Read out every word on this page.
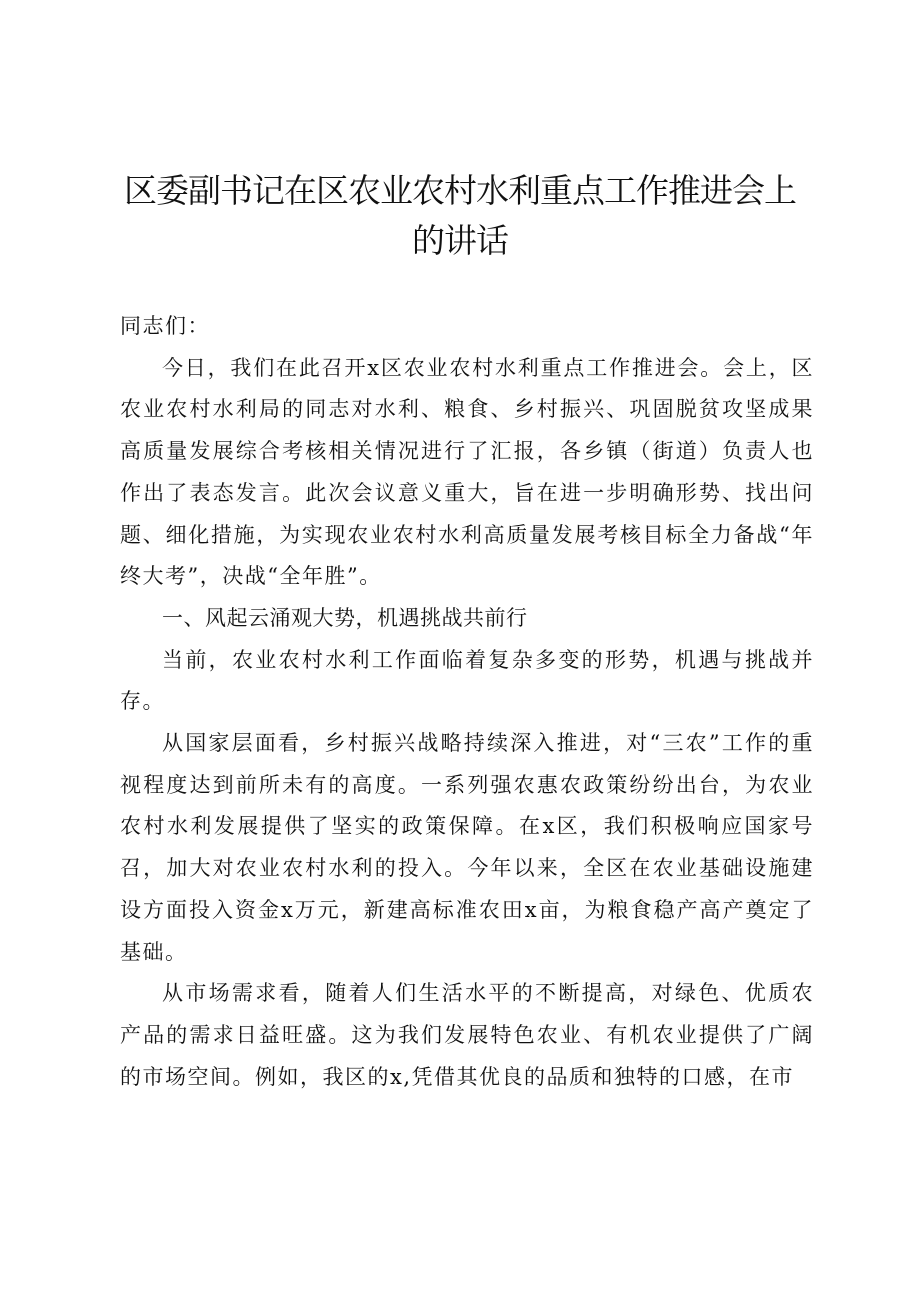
区委副书记在区农业农村水利重点工作推进会上的讲话

同志们：

今日，我们在此召开x区农业农村水利重点工作推进会。会上，区农业农村水利局的同志对水利、粮食、乡村振兴、巩固脱贫攻坚成果高质量发展综合考核相关情况进行了汇报，各乡镇（街道）负责人也作出了表态发言。此次会议意义重大，旨在进一步明确形势、找出问题、细化措施，为实现农业农村水利高质量发展考核目标全力备战“年终大考”，决战“全年胜”。

一、风起云涌观大势，机遇挑战共前行

当前，农业农村水利工作面临着复杂多变的形势，机遇与挑战并存。

从国家层面看，乡村振兴战略持续深入推进，对“三农”工作的重视程度达到前所未有的高度。一系列强农惠农政策纷纷出台，为农业农村水利发展提供了坚实的政策保障。在x区，我们积极响应国家号召，加大对农业农村水利的投入。今年以来，全区在农业基础设施建设方面投入资金x万元，新建高标准农田x亩，为粮食稳产高产奠定了基础。

从市场需求看，随着人们生活水平的不断提高，对绿色、优质农产品的需求日益旺盛。这为我们发展特色农业、有机农业提供了广阔的市场空间。例如，我区的x,凭借其优良的品质和独特的口感，在市
